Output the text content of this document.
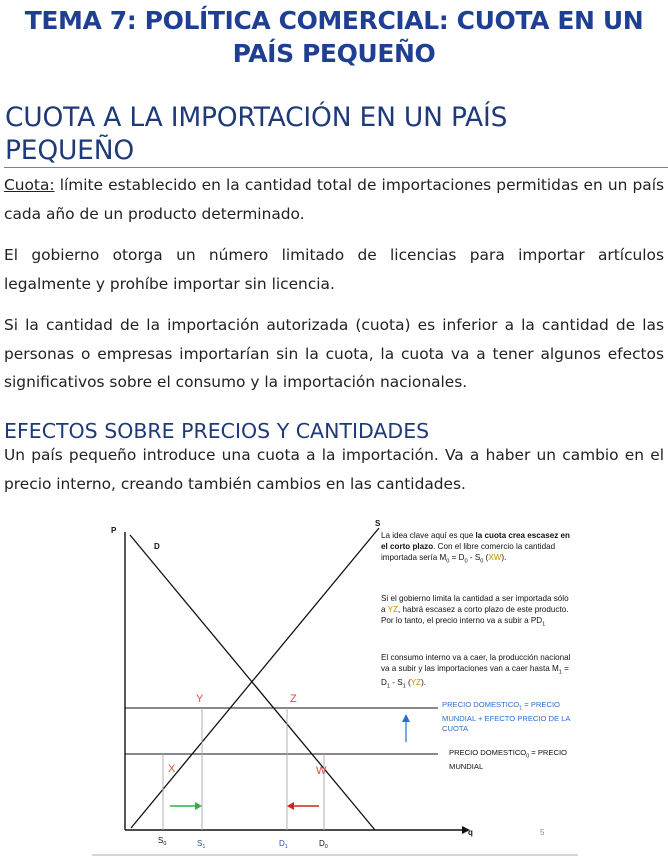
TEMA 7: POLÍTICA COMERCIAL: CUOTA EN UN
PAÍS PEQUEÑO
CUOTA A LA IMPORTACIÓN EN UN PAÍS
PEQUEÑO
Cuota: límite establecido en la cantidad total de importaciones permitidas en un país cada año de un producto determinado.
El gobierno otorga un número limitado de licencias para importar artículos legalmente y prohíbe importar sin licencia.
Si la cantidad de la importación autorizada (cuota) es inferior a la cantidad de las personas o empresas importarían sin la cuota, la cuota va a tener algunos efectos significativos sobre el consumo y la importación nacionales.
EFECTOS SOBRE PRECIOS Y CANTIDADES
Un país pequeño introduce una cuota a la importación. Va a haber un cambio en el precio interno, creando también cambios en las cantidades.
P
D
S
q
Y	Z
X	W
$S_0$	$S_1$	$D_1$	$D_0$
La idea clave aquí es que la cuota crea escasez en el corto plazo. Con el libre comercio la cantidad importada sería $M_0 = D_0 - S_0$ (XW).
Si el gobierno limita la cantidad a ser importada sólo a YZ, habrá escasez a corto plazo de este producto. Por lo tanto, el precio interno va a subir a $PD_1$
El consumo interno va a caer, la producción nacional va a subir y las importaciones van a caer hasta $M_1 = D_1 - S_1$ (YZ).
PRECIO $DOMESTICO_1$ = PRECIO MUNDIAL + EFECTO PRECIO DE LA CUOTA
PRECIO $DOMESTICO_0$ = PRECIO MUNDIAL
5
